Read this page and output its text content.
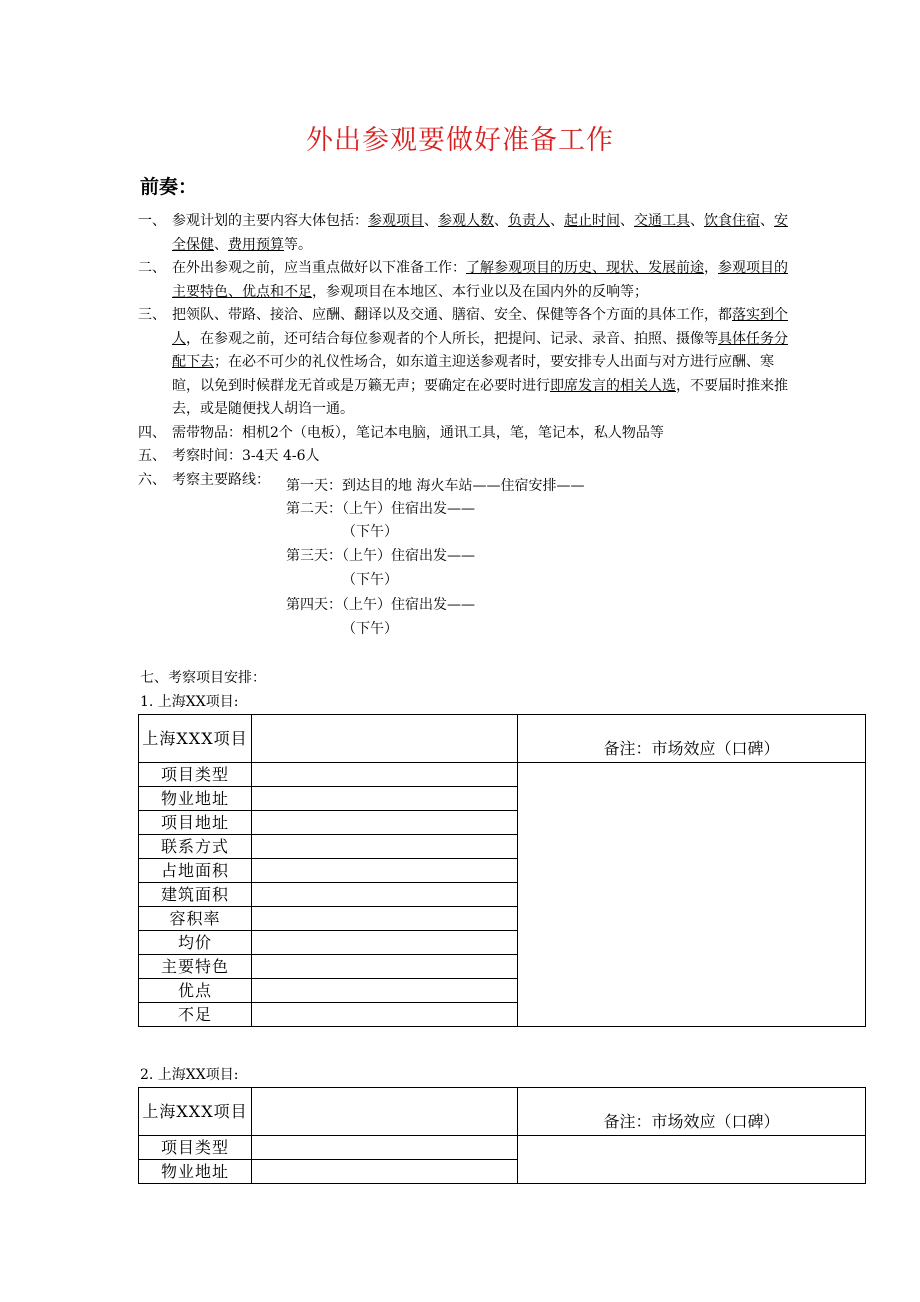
外出参观要做好准备工作
前奏：
一、 参观计划的主要内容大体包括：参观项目、参观人数、负责人、起止时间、交通工具、饮食住宿、安全保健、费用预算等。
二、 在外出参观之前，应当重点做好以下准备工作：了解参观项目的历史、现状、发展前途，参观项目的主要特色、优点和不足，参观项目在本地区、本行业以及在国内外的反响等；
三、 把领队、带路、接洽、应酬、翻译以及交通、膳宿、安全、保健等各个方面的具体工作，都落实到个人，在参观之前，还可结合每位参观者的个人所长，把提问、记录、录音、拍照、摄像等具体任务分配下去；在必不可少的礼仪性场合，如东道主迎送参观者时，要安排专人出面与对方进行应酬、寒暄，以免到时候群龙无首或是万籁无声；要确定在必要时进行即席发言的相关人选，不要届时推来推去，或是随便找人胡诌一通。
四、 需带物品：相机2个（电板），笔记本电脑，通讯工具，笔，笔记本，私人物品等
五、 考察时间：3-4天 4-6人
六、 考察主要路线：	第一天：到达目的地 海火车站——住宿安排——
第二天：（上午）住宿出发——
（下午）
第三天：（上午）住宿出发——
（下午）
第四天：（上午）住宿出发——
（下午）
七、考察项目安排：
1. 上海XX项目:
上海XXX项目		备注：市场效应（口碑）
项目类型		
物业地址		
项目地址		
联系方式		
占地面积		
建筑面积		
容积率		
均价		
主要特色		
优点		
不足		
2. 上海XX项目:
上海XXX项目		备注：市场效应（口碑）
项目类型		
物业地址		
